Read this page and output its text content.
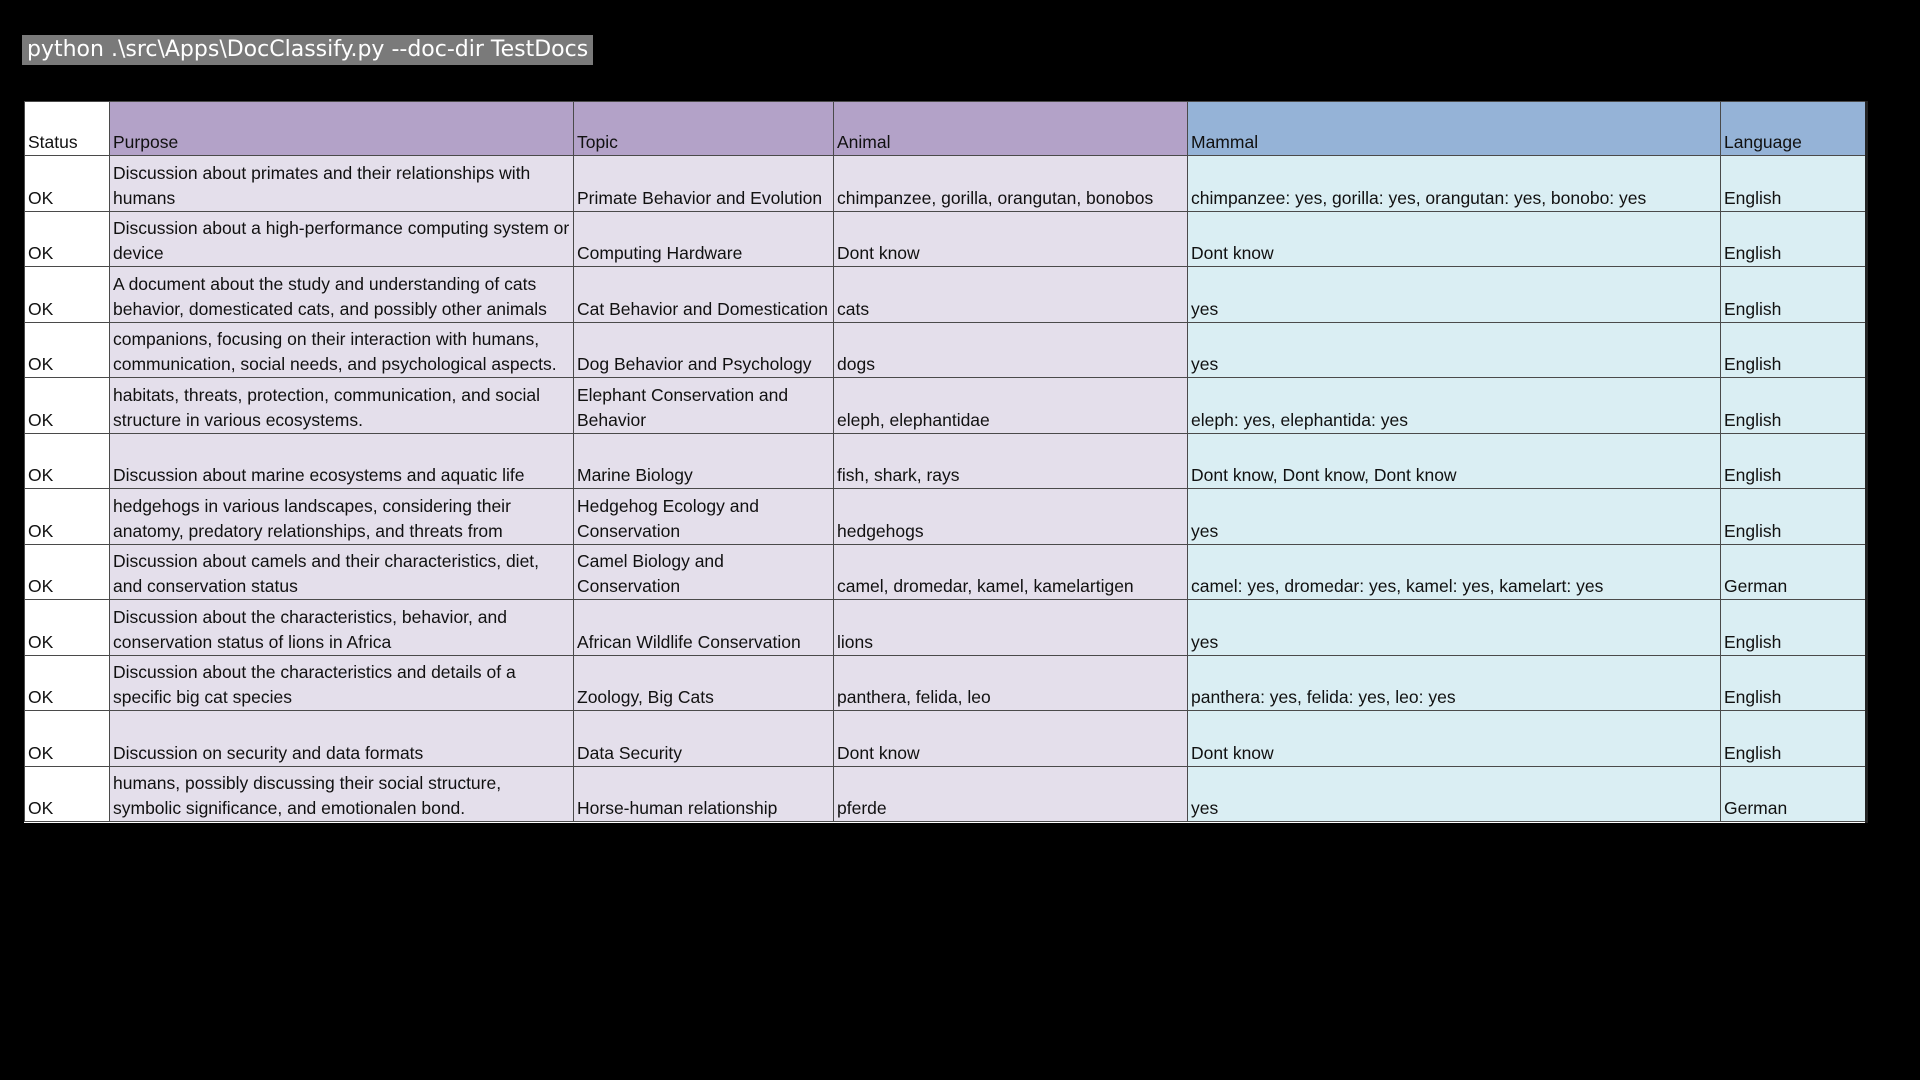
python .\src\Apps\DocClassify.py --doc-dir TestDocs
Status	Purpose	Topic	Animal	Mammal	Language

OK	Discussion about primates and their relationships with humans	Primate Behavior and Evolution	chimpanzee, gorilla, orangutan, bonobos	chimpanzee: yes, gorilla: yes, orangutan: yes, bonobo: yes	English

OK	Discussion about a high-performance computing system or device	Computing Hardware	Dont know	Dont know	English

OK	A document about the study and understanding of cats behavior, domesticated cats, and possibly other animals	Cat Behavior and Domestication	cats	yes	English

OK	companions, focusing on their interaction with humans, communication, social needs, and psychological aspects.	Dog Behavior and Psychology	dogs	yes	English

OK	habitats, threats, protection, communication, and social structure in various ecosystems.	Elephant Conservation and Behavior	eleph, elephantidae	eleph: yes, elephantida: yes	English

OK	Discussion about marine ecosystems and aquatic life	Marine Biology	fish, shark, rays	Dont know, Dont know, Dont know	English

OK	hedgehogs in various landscapes, considering their anatomy, predatory relationships, and threats from	Hedgehog Ecology and Conservation	hedgehogs	yes	English

OK	Discussion about camels and their characteristics, diet, and conservation status	Camel Biology and Conservation	camel, dromedar, kamel, kamelartigen	camel: yes, dromedar: yes, kamel: yes, kamelart: yes	German

OK	Discussion about the characteristics, behavior, and conservation status of lions in Africa	African Wildlife Conservation	lions	yes	English

OK	Discussion about the characteristics and details of a specific big cat species	Zoology, Big Cats	panthera, felida, leo	panthera: yes, felida: yes, leo: yes	English

OK	Discussion on security and data formats	Data Security	Dont know	Dont know	English

OK	humans, possibly discussing their social structure, symbolic significance, and emotionalen bond.	Horse-human relationship	pferde	yes	German
